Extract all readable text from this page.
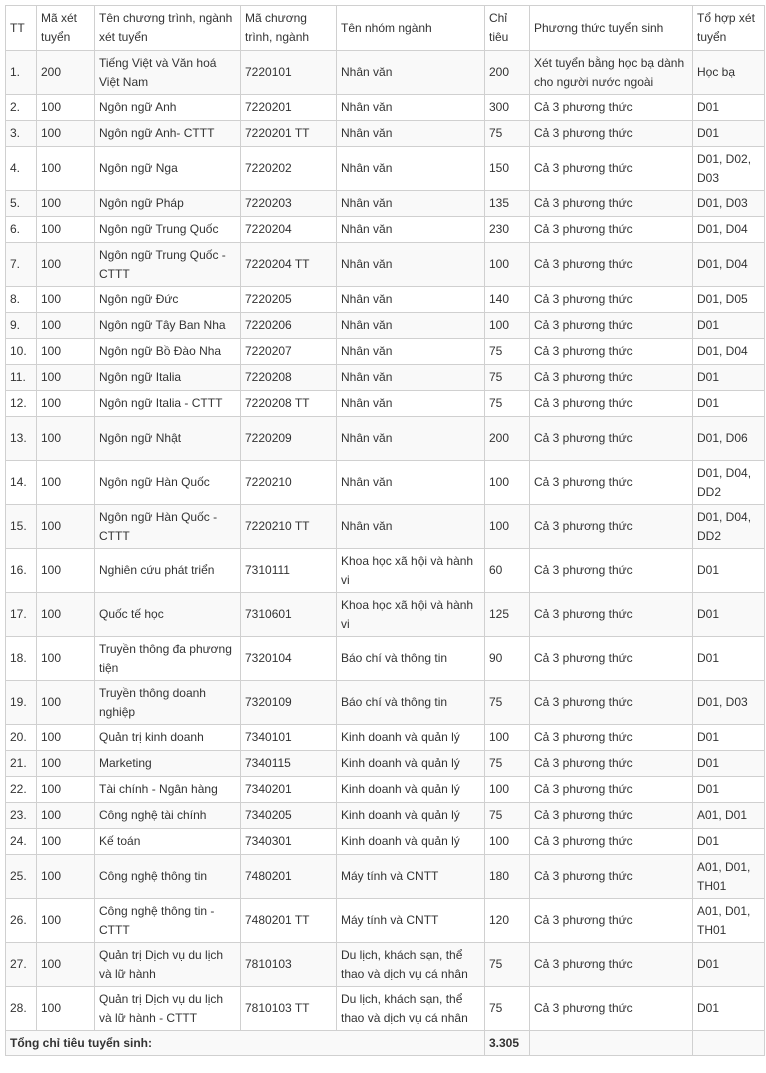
TT	Mã xét tuyển	Tên chương trình, ngành xét tuyển	Mã chương trình, ngành	Tên nhóm ngành	Chỉ tiêu	Phương thức tuyển sinh	Tổ hợp xét tuyển
1.	200	Tiếng Việt và Văn hoá Việt Nam	7220101	Nhân văn	200	Xét tuyển bằng học bạ dành cho người nước ngoài	Học bạ
2.	100	Ngôn ngữ Anh	7220201	Nhân văn	300	Cả 3 phương thức	D01
3.	100	Ngôn ngữ Anh- CTTT	7220201 TT	Nhân văn	75	Cả 3 phương thức	D01
4.	100	Ngôn ngữ Nga	7220202	Nhân văn	150	Cả 3 phương thức	D01, D02, D03
5.	100	Ngôn ngữ Pháp	7220203	Nhân văn	135	Cả 3 phương thức	D01, D03
6.	100	Ngôn ngữ Trung Quốc	7220204	Nhân văn	230	Cả 3 phương thức	D01, D04
7.	100	Ngôn ngữ Trung Quốc - CTTT	7220204 TT	Nhân văn	100	Cả 3 phương thức	D01, D04
8.	100	Ngôn ngữ Đức	7220205	Nhân văn	140	Cả 3 phương thức	D01, D05
9.	100	Ngôn ngữ Tây Ban Nha	7220206	Nhân văn	100	Cả 3 phương thức	D01
10.	100	Ngôn ngữ Bồ Đào Nha	7220207	Nhân văn	75	Cả 3 phương thức	D01, D04
11.	100	Ngôn ngữ Italia	7220208	Nhân văn	75	Cả 3 phương thức	D01
12.	100	Ngôn ngữ Italia - CTTT	7220208 TT	Nhân văn	75	Cả 3 phương thức	D01
13.	100	Ngôn ngữ Nhật	7220209	Nhân văn	200	Cả 3 phương thức	D01, D06
14.	100	Ngôn ngữ Hàn Quốc	7220210	Nhân văn	100	Cả 3 phương thức	D01, D04, DD2
15.	100	Ngôn ngữ Hàn Quốc - CTTT	7220210 TT	Nhân văn	100	Cả 3 phương thức	D01, D04, DD2
16.	100	Nghiên cứu phát triển	7310111	Khoa học xã hội và hành vi	60	Cả 3 phương thức	D01
17.	100	Quốc tế học	7310601	Khoa học xã hội và hành vi	125	Cả 3 phương thức	D01
18.	100	Truyền thông đa phương tiện	7320104	Báo chí và thông tin	90	Cả 3 phương thức	D01
19.	100	Truyền thông doanh nghiệp	7320109	Báo chí và thông tin	75	Cả 3 phương thức	D01, D03
20.	100	Quản trị kinh doanh	7340101	Kinh doanh và quản lý	100	Cả 3 phương thức	D01
21.	100	Marketing	7340115	Kinh doanh và quản lý	75	Cả 3 phương thức	D01
22.	100	Tài chính - Ngân hàng	7340201	Kinh doanh và quản lý	100	Cả 3 phương thức	D01
23.	100	Công nghệ tài chính	7340205	Kinh doanh và quản lý	75	Cả 3 phương thức	A01, D01
24.	100	Kế toán	7340301	Kinh doanh và quản lý	100	Cả 3 phương thức	D01
25.	100	Công nghệ thông tin	7480201	Máy tính và CNTT	180	Cả 3 phương thức	A01, D01, TH01
26.	100	Công nghệ thông tin - CTTT	7480201 TT	Máy tính và CNTT	120	Cả 3 phương thức	A01, D01, TH01
27.	100	Quản trị Dịch vụ du lịch và lữ hành	7810103	Du lịch, khách sạn, thể thao và dịch vụ cá nhân	75	Cả 3 phương thức	D01
28.	100	Quản trị Dịch vụ du lịch và lữ hành - CTTT	7810103 TT	Du lịch, khách sạn, thể thao và dịch vụ cá nhân	75	Cả 3 phương thức	D01
Tổng chỉ tiêu tuyển sinh:					3.305		
